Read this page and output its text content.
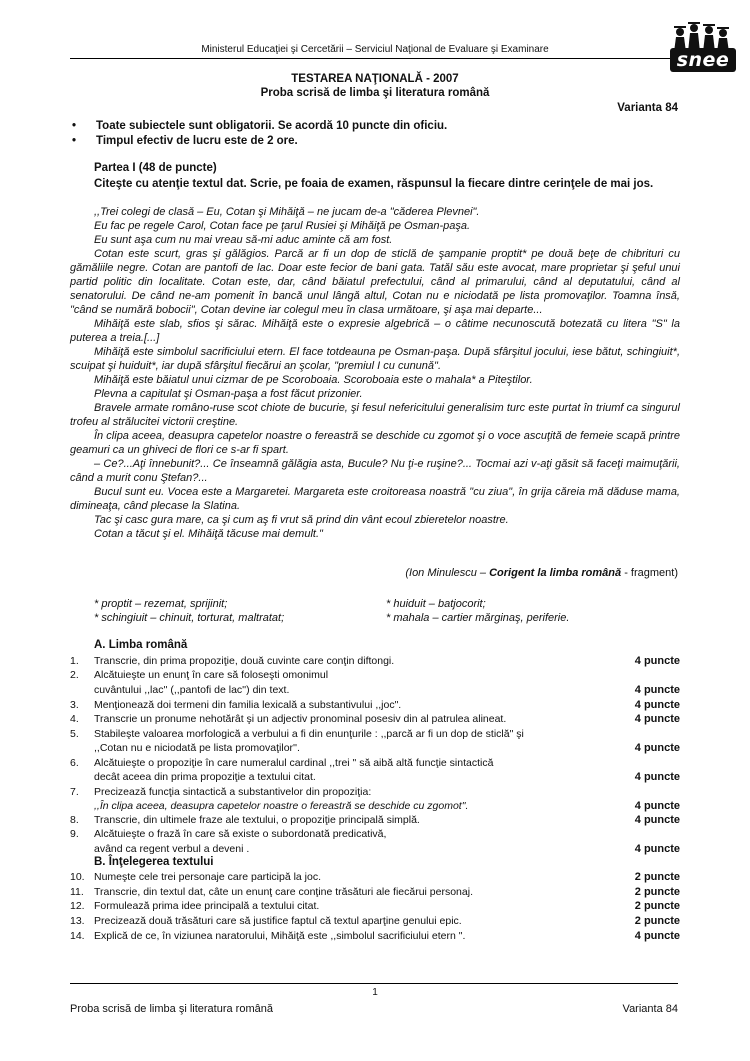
Ministerul Educaţiei şi Cercetării – Serviciul Naţional de Evaluare şi Examinare	snee
TESTAREA NAŢIONALĂ - 2007
Proba scrisă de limba şi literatura română
Varianta 84
• Toate subiectele sunt obligatorii. Se acordă 10 puncte din oficiu.
• Timpul efectiv de lucru este de 2 ore.
Partea I (48 de puncte)
Citeşte cu atenţie textul dat. Scrie, pe foaia de examen, răspunsul la fiecare dintre cerinţele de mai jos.

,,Trei colegi de clasă – Eu, Cotan şi Mihăiţă – ne jucam de-a "căderea Plevnei".

Eu fac pe regele Carol, Cotan face pe ţarul Rusiei şi Mihăiţă pe Osman-paşa.

Eu sunt aşa cum nu mai vreau să-mi aduc aminte că am fost.

Cotan este scurt, gras şi gălăgios. Parcă ar fi un dop de sticlă de şampanie proptit* pe două beţe de chibrituri cu gămăliile negre. Cotan are pantofi de lac. Doar este fecior de bani gata. Tatăl său este avocat, mare proprietar şi şeful unui partid politic din localitate. Cotan este, dar, când băiatul prefectului, când al primarului, când al deputatului, când al senatorului. De când ne-am pomenit în bancă unul lângă altul, Cotan nu e niciodată pe lista promovaţilor. Toamna însă, "când se numără bobocii", Cotan devine iar colegul meu în clasa următoare, şi aşa mai departe...

Mihăiţă este slab, sfios şi sărac. Mihăiţă este o expresie algebrică – o câtime necunoscută botezată cu litera "S" la puterea a treia.[...]

Mihăiţă este simbolul sacrificiului etern. El face totdeauna pe Osman-paşa. După sfârşitul jocului, iese bătut, schingiuit*, scuipat şi huiduit*, iar după sfârşitul fiecărui an şcolar, "premiul I cu cunună".

Mihăiţă este băiatul unui cizmar de pe Scoroboaia. Scoroboaia este o mahala* a Piteştilor.

Plevna a capitulat şi Osman-paşa a fost făcut prizonier.

Bravele armate româno-ruse scot chiote de bucurie, şi fesul nefericitului generalisim turc este purtat în triumf ca singurul trofeu al strălucitei victorii creştine.

În clipa aceea, deasupra capetelor noastre o fereastră se deschide cu zgomot şi o voce ascuţită de femeie scapă printre geamuri ca un ghiveci de flori ce s-ar fi spart.

– Ce?...Aţi înnebunit?... Ce înseamnă gălăgia asta, Bucule? Nu ţi-e ruşine?... Tocmai azi v-aţi găsit să faceţi maimuţării, când a murit conu Ştefan?...

Bucul sunt eu. Vocea este a Margaretei. Margareta este croitoreasa noastră "cu ziua", în grija căreia mă dăduse mama, dimineaţa, când plecase la Slatina.

Tac şi casc gura mare, ca şi cum aş fi vrut să prind din vânt ecoul zbieretelor noastre.

Cotan a tăcut şi el. Mihăiţă tăcuse mai demult."

(Ion Minulescu – Corigent la limba română - fragment)
* proptit – rezemat, sprijinit;	* huiduit – batjocorit;
* schingiuit – chinuit, torturat, maltratat;	* mahala – cartier mărginaş, periferie.
A. Limba română
1.	Transcrie, din prima propoziţie, două cuvinte care conţin diftongi.	4 puncte
2.	Alcătuieşte un enunţ în care să foloseşti omonimul
cuvântului ,,lac'' (,,pantofi de lac'') din text.	4 puncte
3.	Menţionează doi termeni din familia lexicală a substantivului ,,joc".	4 puncte
4.	Transcrie un pronume nehotărât şi un adjectiv pronominal posesiv din al patrulea alineat.	4 puncte
5.	Stabileşte valoarea morfologică a verbului a fi din enunţurile : ,,parcă ar fi un dop de sticlă" şi
,,Cotan nu e niciodată pe lista promovaţilor''.	4 puncte
6.	Alcătuieşte o propoziţie în care numeralul cardinal ,,trei " să aibă altă funcţie sintactică
decât aceea din prima propoziţie a textului citat.	4 puncte
7.	Precizează funcţia sintactică a substantivelor din propoziţia:
,,În clipa aceea, deasupra capetelor noastre o fereastră se deschide cu zgomot".	4 puncte
8.	Transcrie, din ultimele fraze ale textului, o propoziţie principală simplă.	4 puncte
9.	Alcătuieşte o frază în care să existe o subordonată predicativă,
având ca regent verbul a deveni .	4 puncte
B. Înţelegerea textului
10. Numeşte cele trei personaje care participă la joc.	2 puncte
11. Transcrie, din textul dat, câte un enunţ care conţine trăsături ale fiecărui personaj.	2 puncte
12. Formulează prima idee principală a textului citat.	2 puncte
13. Precizează două trăsături care să justifice faptul că textul aparţine genului epic.	2 puncte
14. Explică de ce, în viziunea naratorului, Mihăiţă este ,,simbolul sacrificiului etern ".	4 puncte
1
Proba scrisă de limba şi literatura română	Varianta 84
